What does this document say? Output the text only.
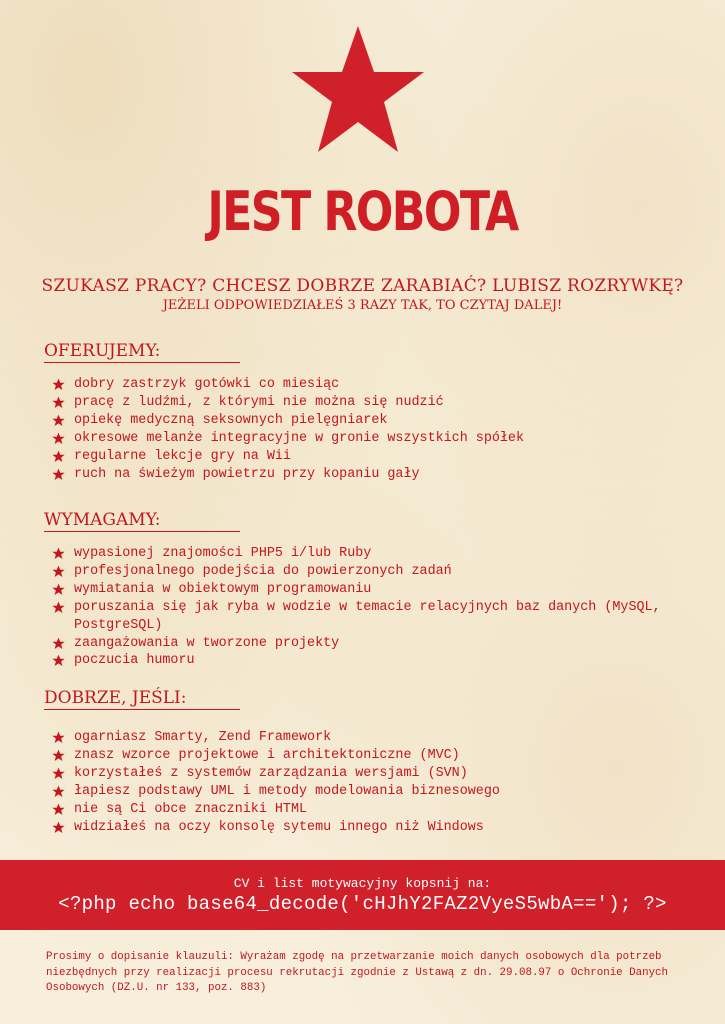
JEST ROBOTA
SZUKASZ PRACY? CHCESZ DOBRZE ZARABIAĆ? LUBISZ ROZRYWKĘ?
JEŻELI ODPOWIEDZIAŁEŚ 3 RAZY TAK, TO CZYTAJ DALEJ!
OFERUJEMY:
dobry zastrzyk gotówki co miesiąc
pracę z ludźmi, z którymi nie można się nudzić
opiekę medyczną seksownych pielęgniarek
okresowe melanże integracyjne w gronie wszystkich spółek
regularne lekcje gry na Wii
ruch na świeżym powietrzu przy kopaniu gały
WYMAGAMY:
wypasionej znajomości PHP5 i/lub Ruby
profesjonalnego podejścia do powierzonych zadań
wymiatania w obiektowym programowaniu
poruszania się jak ryba w wodzie w temacie relacyjnych baz danych (MySQL, PostgreSQL)
zaangażowania w tworzone projekty
poczucia humoru
DOBRZE, JEŚLI:
ogarniasz Smarty, Zend Framework
znasz wzorce projektowe i architektoniczne (MVC)
korzystałeś z systemów zarządzania wersjami (SVN)
łapiesz podstawy UML i metody modelowania biznesowego
nie są Ci obce znaczniki HTML
widziałeś na oczy konsolę sytemu innego niż Windows
CV i list motywacyjny kopsnij na:
<?php echo base64_decode('cHJhY2FAZ2VyeS5wbA=='); ?>
Prosimy o dopisanie klauzuli: Wyrażam zgodę na przetwarzanie moich danych osobowych dla potrzeb niezbędnych przy realizacji procesu rekrutacji zgodnie z Ustawą z dn. 29.08.97 o Ochronie Danych Osobowych (DZ.U. nr 133, poz. 883)
